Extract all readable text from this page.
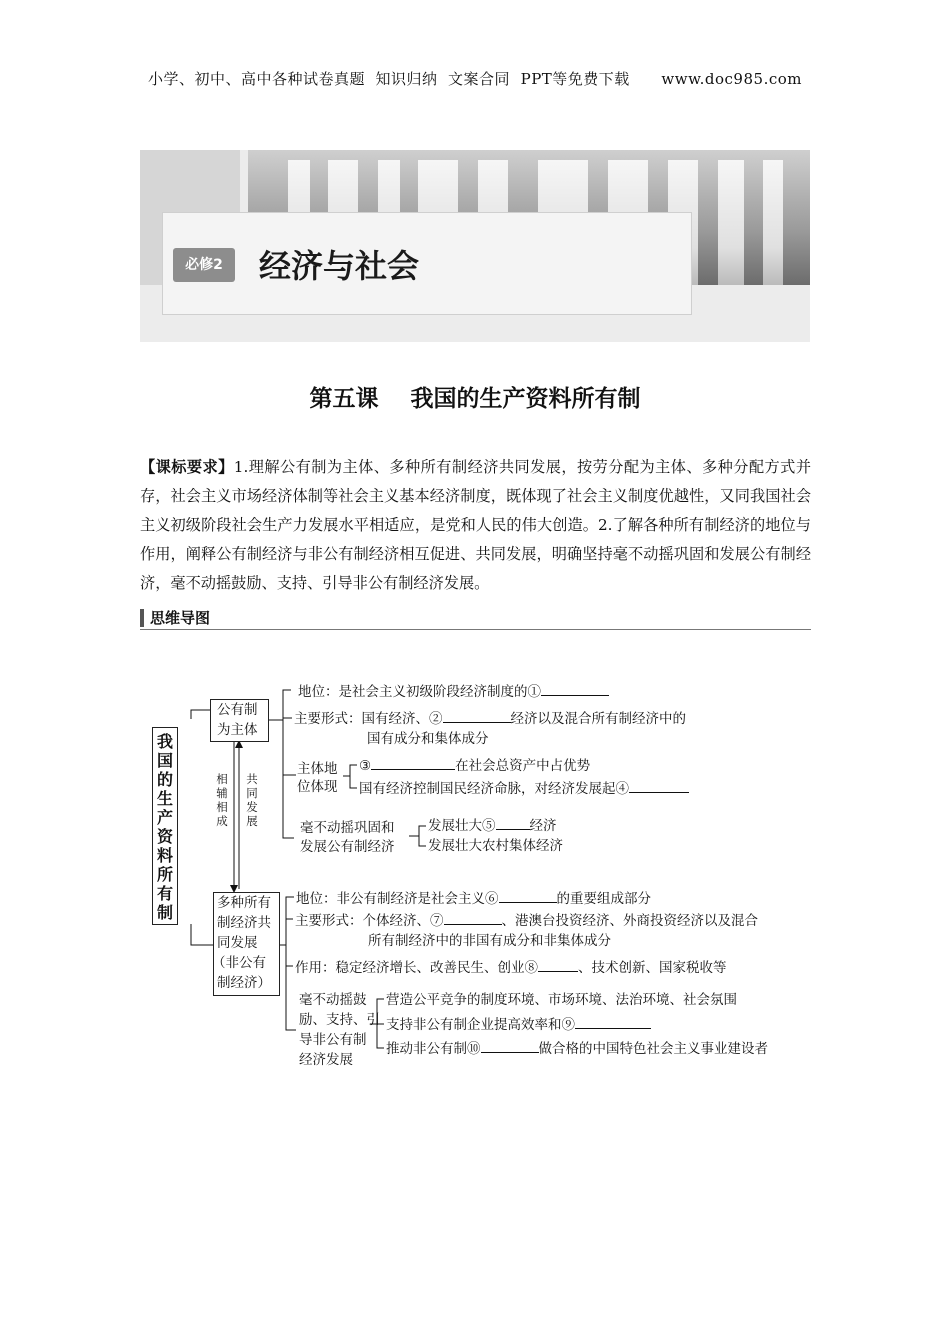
小学、初中、高中各种试卷真题  知识归纳  文案合同  PPT等免费下载      www.doc985.com
必修2	经济与社会
第五课    我国的生产资料所有制
【课标要求】1.理解公有制为主体、多种所有制经济共同发展，按劳分配为主体、多种分配方式并存，社会主义市场经济体制等社会主义基本经济制度，既体现了社会主义制度优越性，又同我国社会主义初级阶段社会生产力发展水平相适应，是党和人民的伟大创造。2.了解各种所有制经济的地位与作用，阐释公有制经济与非公有制经济相互促进、共同发展，明确坚持毫不动摇巩固和发展公有制经济，毫不动摇鼓励、支持、引导非公有制经济发展。
思维导图
我国的生产资料所有制
公有制
为主体
相辅相成
共同发展
多种所有
制经济共
同发展
（非公有
制经济）
地位：是社会主义初级阶段经济制度的①
主要形式：国有经济、②	经济以及混合所有制经济中的
国有成分和集体成分
主体地
位体现
③	在社会总资产中占优势
国有经济控制国民经济命脉，对经济发展起④
毫不动摇巩固和
发展公有制经济
发展壮大⑤	经济
发展壮大农村集体经济
地位：非公有制经济是社会主义⑥	的重要组成部分
主要形式：个体经济、⑦	、港澳台投资经济、外商投资经济以及混合
所有制经济中的非国有成分和非集体成分
作用：稳定经济增长、改善民生、创业⑧	、技术创新、国家税收等
毫不动摇鼓
励、支持、引
导非公有制
经济发展
营造公平竞争的制度环境、市场环境、法治环境、社会氛围
支持非公有制企业提高效率和⑨
推动非公有制⑩	做合格的中国特色社会主义事业建设者
